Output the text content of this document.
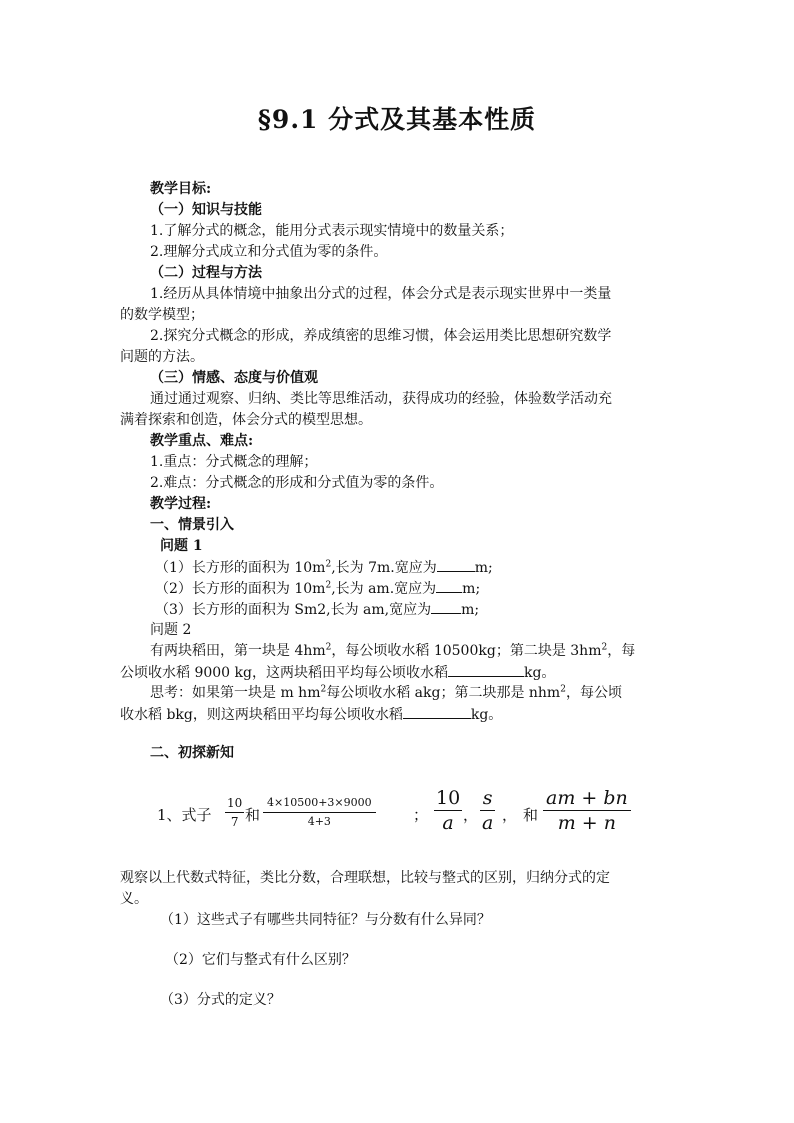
§9.1 分式及其基本性质
教学目标:
（一）知识与技能
1.了解分式的概念，能用分式表示现实情境中的数量关系；
2.理解分式成立和分式值为零的条件。
（二）过程与方法
1.经历从具体情境中抽象出分式的过程，体会分式是表示现实世界中一类量
的数学模型；
2.探究分式概念的形成，养成缜密的思维习惯，体会运用类比思想研究数学
问题的方法。
（三）情感、态度与价值观
通过通过观察、归纳、类比等思维活动，获得成功的经验，体验数学活动充
满着探索和创造，体会分式的模型思想。
教学重点、难点:
1.重点：分式概念的理解；
2.难点：分式概念的形成和分式值为零的条件。
教学过程:
一、情景引入
问题 1
（1）长方形的面积为 $10m^2$,长为 7m.宽应为	m;
（2）长方形的面积为 $10m^2$,长为 am.宽应为 m;
（3）长方形的面积为 Sm2,长为 am,宽应为 m;
问题 2
有两块稻田，第一块是 $4hm^2$，每公顷收水稻 10500kg；第二块是 $3hm^2$，每
公顷收水稻 9000 kg，这两块稻田平均每公顷收水稻	kg。
思考：如果第一块是 m $hm^2$每公顷收水稻 akg；第二块那是 nhm$^2$，每公顷
收水稻 bkg，则这两块稻田平均每公顷收水稻	kg。
二、初探新知
1、式子 $\frac{10}{7}$ 和 $\frac{4\times 10500+3\times 9000}{4+3}$ ； $\frac{10}{a}$ ， $\frac{s}{a}$ ， 和 $\frac{am + bn}{m + n}$
观察以上代数式特征，类比分数，合理联想，比较与整式的区别，归纳分式的定
义。
（1）这些式子有哪些共同特征？与分数有什么异同？
（2）它们与整式有什么区别？
（3）分式的定义？
